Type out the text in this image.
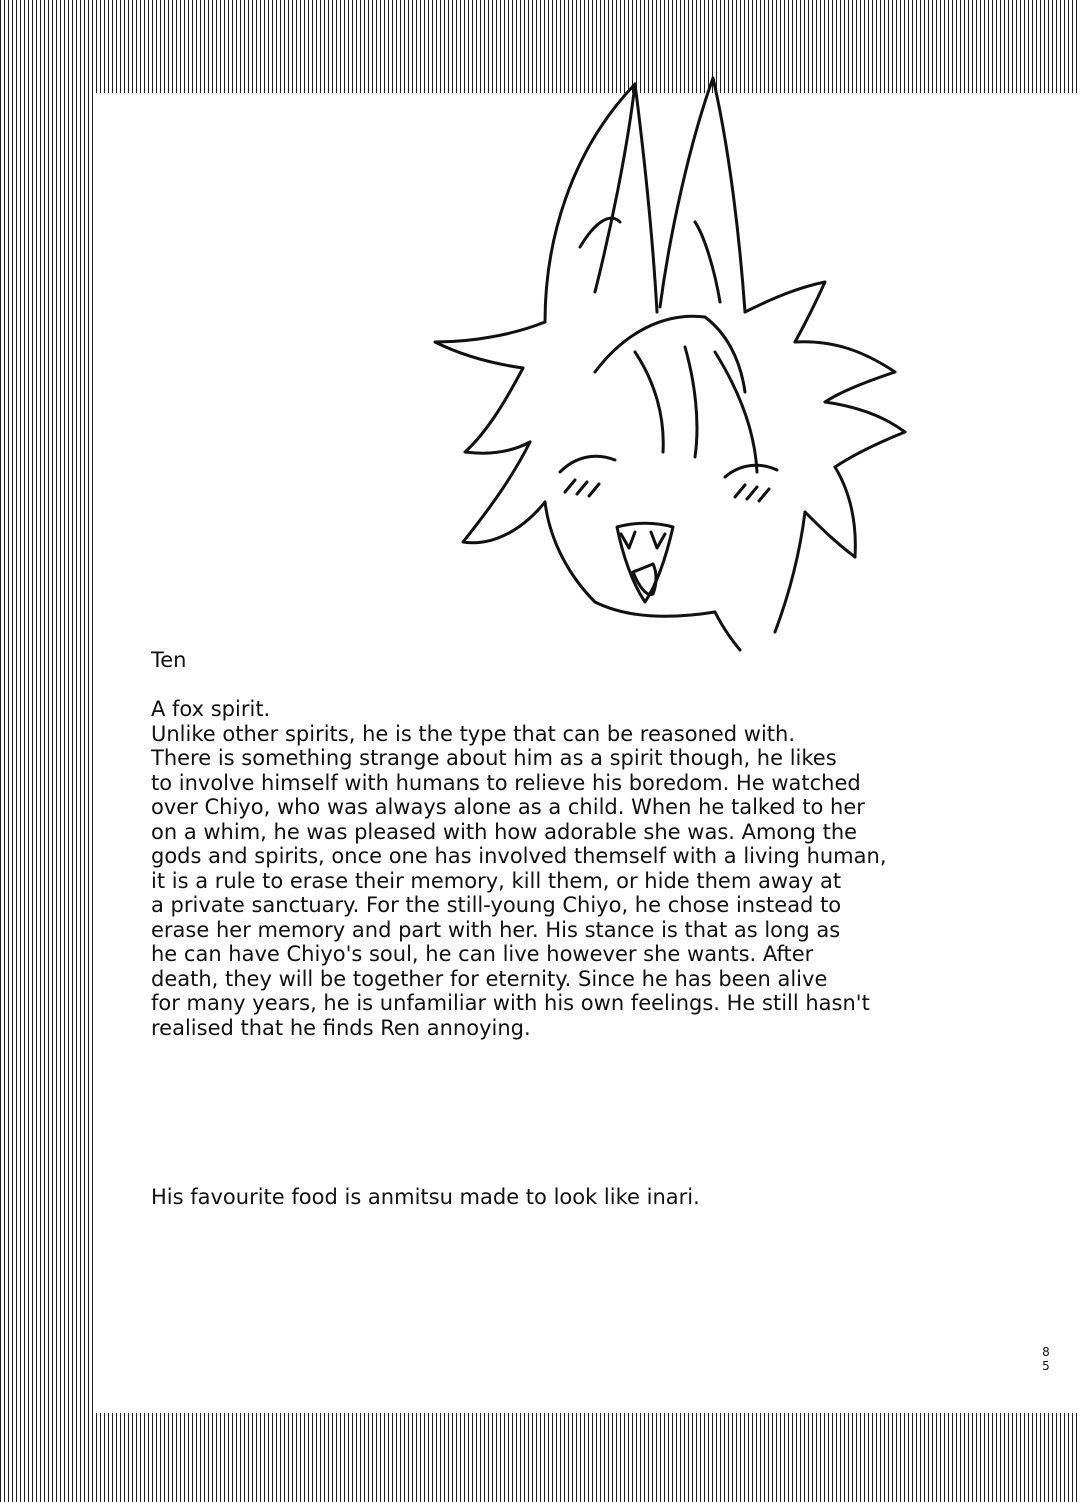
Ten
A fox spirit.
Unlike other spirits, he is the type that can be reasoned with.
There is something strange about him as a spirit though, he likes
to involve himself with humans to relieve his boredom. He watched
over Chiyo, who was always alone as a child. When he talked to her
on a whim, he was pleased with how adorable she was. Among the
gods and spirits, once one has involved themself with a living human,
it is a rule to erase their memory, kill them, or hide them away at
a private sanctuary. For the still-young Chiyo, he chose instead to
erase her memory and part with her. His stance is that as long as
he can have Chiyo's soul, he can live however she wants. After
death, they will be together for eternity. Since he has been alive
for many years, he is unfamiliar with his own feelings. He still hasn't
realised that he finds Ren annoying.
His favourite food is anmitsu made to look like inari.
85
